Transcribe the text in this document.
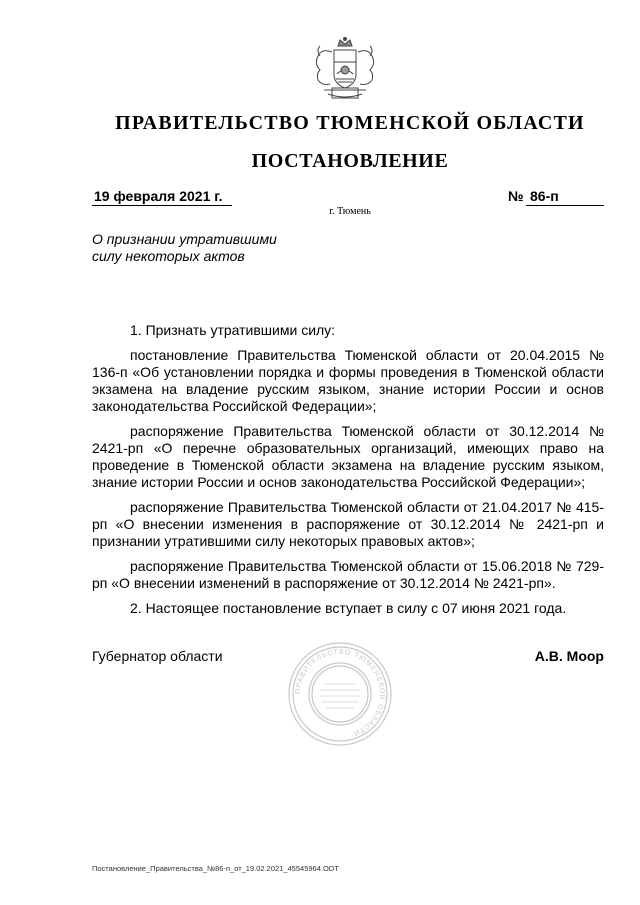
ПРАВИТЕЛЬСТВО ТЮМЕНСКОЙ ОБЛАСТИ
ПОСТАНОВЛЕНИЕ
19 февраля 2021 г.	№ 86-п
г. Тюмень
О признании утратившими
силу некоторых актов

1. Признать утратившими силу:

постановление Правительства Тюменской области от 20.04.2015 № 136-п «Об установлении порядка и формы проведения в Тюменской области экзамена на владение русским языком, знание истории России и основ законодательства Российской Федерации»;

распоряжение Правительства Тюменской области от 30.12.2014 № 2421-рп «О перечне образовательных организаций, имеющих право на проведение в Тюменской области экзамена на владение русским языком, знание истории России и основ законодательства Российской Федерации»;

распоряжение Правительства Тюменской области от 21.04.2017 № 415-рп «О внесении изменения в распоряжение от 30.12.2014 № 2421-рп и признании утратившими силу некоторых правовых актов»;

распоряжение Правительства Тюменской области от 15.06.2018 № 729-рп «О внесении изменений в распоряжение от 30.12.2014 № 2421-рп».

2. Настоящее постановление вступает в силу с 07 июня 2021 года.

ПРАВИТЕЛЬСТВО ТЮМЕНСКОЙ ОБЛАСТИ
Губернатор области	А.В. Моор
Постановление_Правительства_№86-п_от_19.02.2021_45545964.ODT
